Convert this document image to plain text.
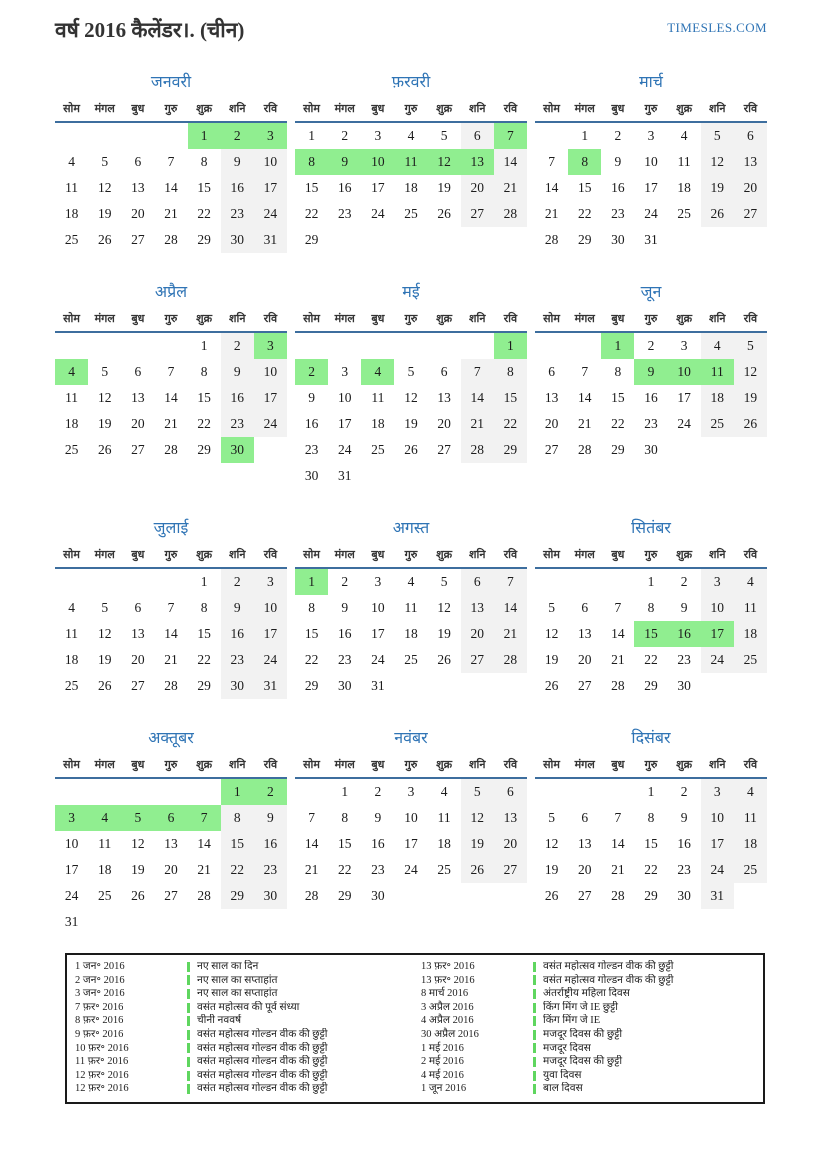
वर्ष 2016 कैलेंडर।. (चीन)	TIMESLES.COM
जनवरी
सोम	मंगल	बुध	गुरु	शुक्र	शनि	रवि
				1	2	3
4	5	6	7	8	9	10
11	12	13	14	15	16	17
18	19	20	21	22	23	24
25	26	27	28	29	30	31
फ़रवरी
सोम	मंगल	बुध	गुरु	शुक्र	शनि	रवि
1	2	3	4	5	6	7
8	9	10	11	12	13	14
15	16	17	18	19	20	21
22	23	24	25	26	27	28
29						
मार्च
सोम	मंगल	बुध	गुरु	शुक्र	शनि	रवि
	1	2	3	4	5	6
7	8	9	10	11	12	13
14	15	16	17	18	19	20
21	22	23	24	25	26	27
28	29	30	31			
अप्रैल
सोम	मंगल	बुध	गुरु	शुक्र	शनि	रवि
				1	2	3
4	5	6	7	8	9	10
11	12	13	14	15	16	17
18	19	20	21	22	23	24
25	26	27	28	29	30	
मई
सोम	मंगल	बुध	गुरु	शुक्र	शनि	रवि
						1
2	3	4	5	6	7	8
9	10	11	12	13	14	15
16	17	18	19	20	21	22
23	24	25	26	27	28	29
30	31					
जून
सोम	मंगल	बुध	गुरु	शुक्र	शनि	रवि
		1	2	3	4	5
6	7	8	9	10	11	12
13	14	15	16	17	18	19
20	21	22	23	24	25	26
27	28	29	30			
जुलाई
सोम	मंगल	बुध	गुरु	शुक्र	शनि	रवि
				1	2	3
4	5	6	7	8	9	10
11	12	13	14	15	16	17
18	19	20	21	22	23	24
25	26	27	28	29	30	31
अगस्त
सोम	मंगल	बुध	गुरु	शुक्र	शनि	रवि
1	2	3	4	5	6	7
8	9	10	11	12	13	14
15	16	17	18	19	20	21
22	23	24	25	26	27	28
29	30	31				
सितंबर
सोम	मंगल	बुध	गुरु	शुक्र	शनि	रवि
			1	2	3	4
5	6	7	8	9	10	11
12	13	14	15	16	17	18
19	20	21	22	23	24	25
26	27	28	29	30		
अक्तूबर
सोम	मंगल	बुध	गुरु	शुक्र	शनि	रवि
					1	2
3	4	5	6	7	8	9
10	11	12	13	14	15	16
17	18	19	20	21	22	23
24	25	26	27	28	29	30
31						
नवंबर
सोम	मंगल	बुध	गुरु	शुक्र	शनि	रवि
	1	2	3	4	5	6
7	8	9	10	11	12	13
14	15	16	17	18	19	20
21	22	23	24	25	26	27
28	29	30				
दिसंबर
सोम	मंगल	बुध	गुरु	शुक्र	शनि	रवि
			1	2	3	4
5	6	7	8	9	10	11
12	13	14	15	16	17	18
19	20	21	22	23	24	25
26	27	28	29	30	31	
1 जन॰ 2016	नए साल का दिन
2 जन॰ 2016	नए साल का सप्ताहांत
3 जन॰ 2016	नए साल का सप्ताहांत
7 फ़र॰ 2016	वसंत महोत्सव की पूर्व संध्या
8 फ़र॰ 2016	चीनी नववर्ष
9 फ़र॰ 2016	वसंत महोत्सव गोल्डन वीक की छुट्टी
10 फ़र॰ 2016	वसंत महोत्सव गोल्डन वीक की छुट्टी
11 फ़र॰ 2016	वसंत महोत्सव गोल्डन वीक की छुट्टी
12 फ़र॰ 2016	वसंत महोत्सव गोल्डन वीक की छुट्टी
12 फ़र॰ 2016	वसंत महोत्सव गोल्डन वीक की छुट्टी
13 फ़र॰ 2016	वसंत महोत्सव गोल्डन वीक की छुट्टी
13 फ़र॰ 2016	वसंत महोत्सव गोल्डन वीक की छुट्टी
8 मार्च 2016	अंतर्राष्ट्रीय महिला दिवस
3 अप्रैल 2016	किंग मिंग जे IE छुट्टी
4 अप्रैल 2016	किंग मिंग जे IE
30 अप्रैल 2016	मजदूर दिवस की छुट्टी
1 मई 2016	मजदूर दिवस
2 मई 2016	मजदूर दिवस की छुट्टी
4 मई 2016	युवा दिवस
1 जून 2016	बाल दिवस
